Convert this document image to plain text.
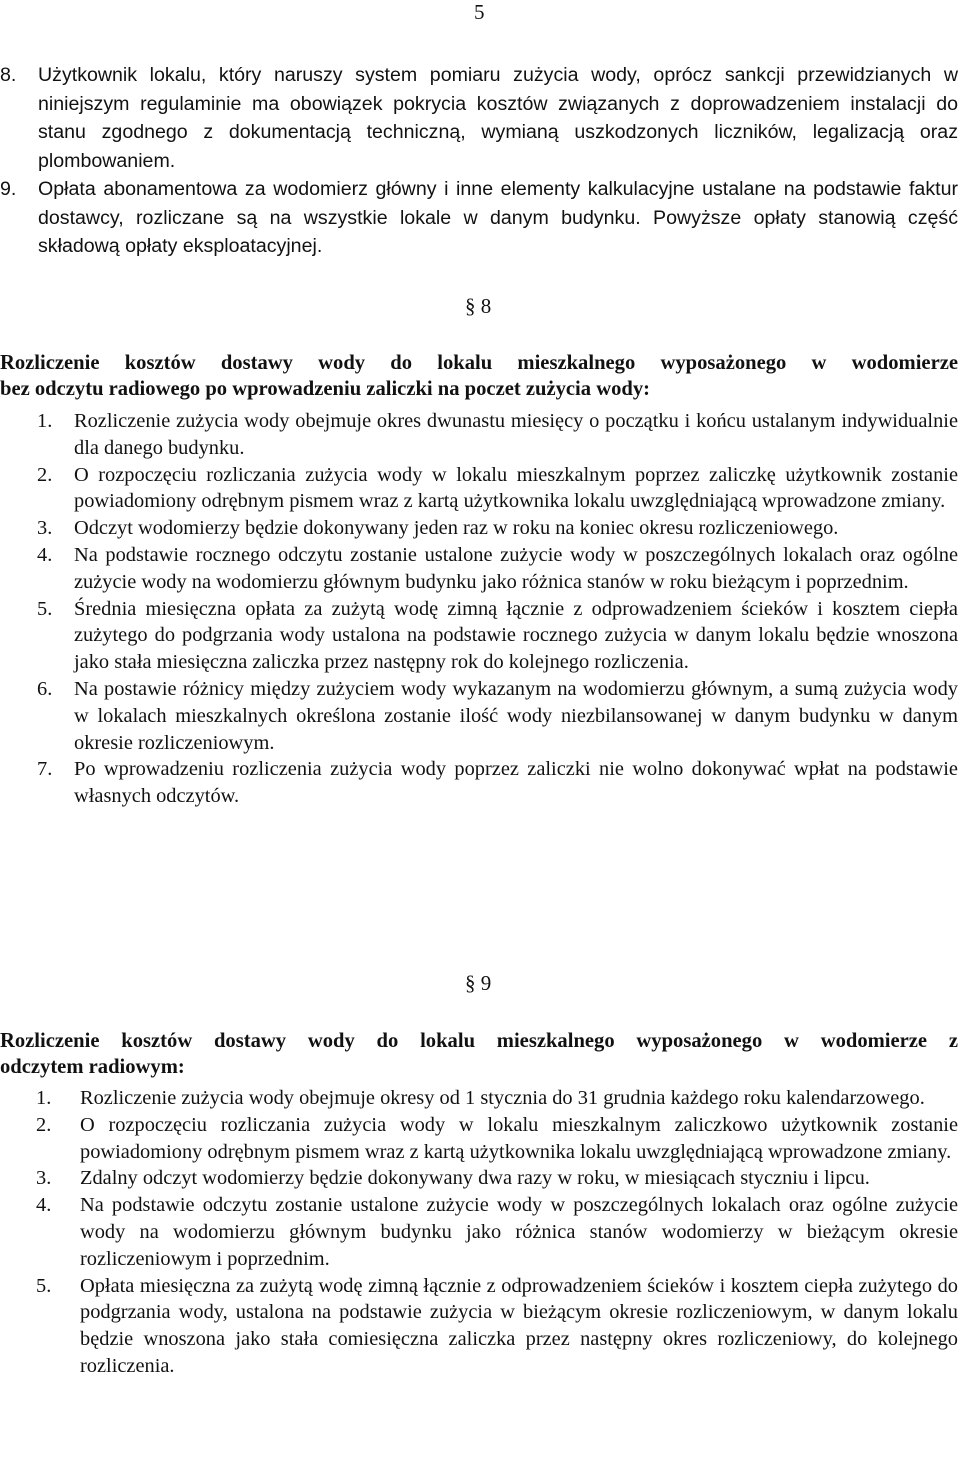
5
8. Użytkownik lokalu, który naruszy system pomiaru zużycia wody, oprócz sankcji przewidzianych w niniejszym regulaminie ma obowiązek pokrycia kosztów związanych z doprowadzeniem instalacji do stanu zgodnego z dokumentacją techniczną, wymianą uszkodzonych liczników, legalizacją oraz plombowaniem.
9. Opłata abonamentowa za wodomierz główny i inne elementy kalkulacyjne ustalane na podstawie faktur dostawcy, rozliczane są na wszystkie lokale w danym budynku. Powyższe opłaty stanowią część składową opłaty eksploatacyjnej.
§ 8
Rozliczenie kosztów dostawy wody do lokalu mieszkalnego wyposażonego w wodomierze
bez odczytu radiowego po wprowadzeniu zaliczki na poczet zużycia wody:
1. Rozliczenie zużycia wody obejmuje okres dwunastu miesięcy o początku i końcu ustalanym indywidualnie dla danego budynku.
2. O rozpoczęciu rozliczania zużycia wody w lokalu mieszkalnym poprzez zaliczkę użytkownik zostanie powiadomiony odrębnym pismem wraz z kartą użytkownika lokalu uwzględniającą wprowadzone zmiany.
3. Odczyt wodomierzy będzie dokonywany jeden raz w roku na koniec okresu rozliczeniowego.
4. Na podstawie rocznego odczytu zostanie ustalone zużycie wody w poszczególnych lokalach oraz ogólne zużycie wody na wodomierzu głównym budynku jako różnica stanów w roku bieżącym i poprzednim.
5. Średnia miesięczna opłata za zużytą wodę zimną łącznie z odprowadzeniem ścieków i kosztem ciepła zużytego do podgrzania wody ustalona na podstawie rocznego zużycia w danym lokalu będzie wnoszona jako stała miesięczna zaliczka przez następny rok do kolejnego rozliczenia.
6. Na postawie różnicy między zużyciem wody wykazanym na wodomierzu głównym, a sumą zużycia wody w lokalach mieszkalnych określona zostanie ilość wody niezbilansowanej w danym budynku w danym okresie rozliczeniowym.
7. Po wprowadzeniu rozliczenia zużycia wody poprzez zaliczki nie wolno dokonywać wpłat na podstawie własnych odczytów.
§ 9
Rozliczenie kosztów dostawy wody do lokalu mieszkalnego wyposażonego w wodomierze z
odczytem radiowym:
1. Rozliczenie zużycia wody obejmuje okresy od 1 stycznia do 31 grudnia każdego roku kalendarzowego.
2. O rozpoczęciu rozliczania zużycia wody w lokalu mieszkalnym zaliczkowo użytkownik zostanie powiadomiony odrębnym pismem wraz z kartą użytkownika lokalu uwzględniającą wprowadzone zmiany.
3. Zdalny odczyt wodomierzy będzie dokonywany dwa razy w roku, w miesiącach styczniu i lipcu.
4. Na podstawie odczytu zostanie ustalone zużycie wody w poszczególnych lokalach oraz ogólne zużycie wody na wodomierzu głównym budynku jako różnica stanów wodomierzy w bieżącym okresie rozliczeniowym i poprzednim.
5. Opłata miesięczna za zużytą wodę zimną łącznie z odprowadzeniem ścieków i kosztem ciepła zużytego do podgrzania wody, ustalona na podstawie zużycia w bieżącym okresie rozliczeniowym, w danym lokalu będzie wnoszona jako stała comiesięczna zaliczka przez następny okres rozliczeniowy, do kolejnego rozliczenia.
